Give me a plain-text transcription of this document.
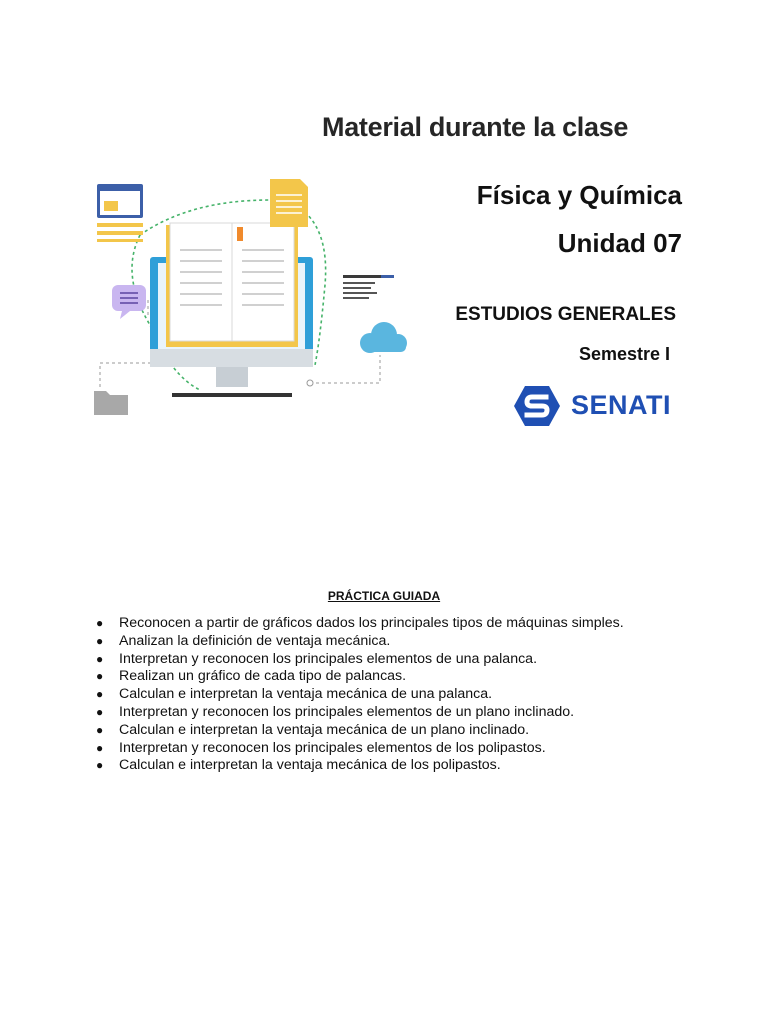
Material durante la clase
Física y Química
Unidad 07
ESTUDIOS GENERALES
Semestre I
SENATI
PRÁCTICA GUIADA
● Reconocen a partir de gráficos dados los principales tipos de máquinas simples.
● Analizan la definición de ventaja mecánica.
● Interpretan y reconocen los principales elementos de una palanca.
● Realizan un gráfico de cada tipo de palancas.
● Calculan e interpretan la ventaja mecánica de una palanca.
● Interpretan y reconocen los principales elementos de un plano inclinado.
● Calculan e interpretan la ventaja mecánica de un plano inclinado.
● Interpretan y reconocen los principales elementos de los polipastos.
● Calculan e interpretan la ventaja mecánica de los polipastos.
